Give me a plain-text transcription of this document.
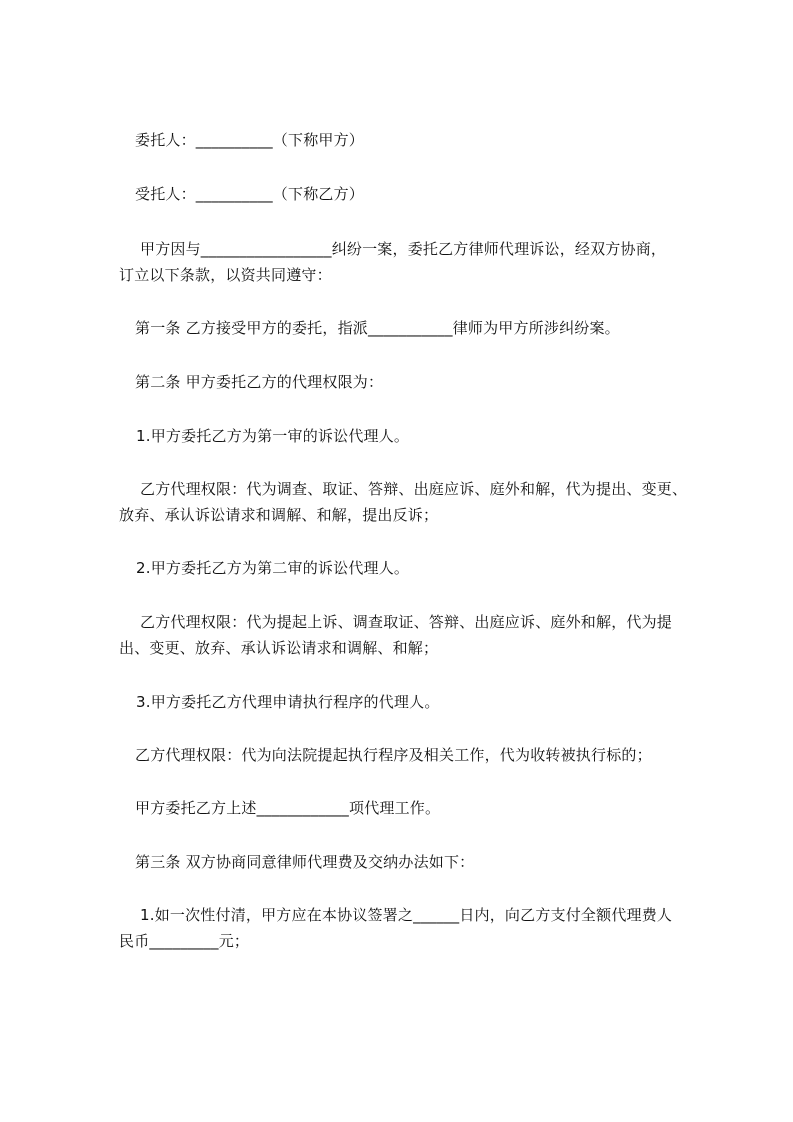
委托人：__________（下称甲方）
受托人：__________（下称乙方）
甲方因与_________________纠纷一案，委托乙方律师代理诉讼，经双方协商，
订立以下条款，以资共同遵守：
第一条 乙方接受甲方的委托，指派___________律师为甲方所涉纠纷案。
第二条 甲方委托乙方的代理权限为：
1.甲方委托乙方为第一审的诉讼代理人。
乙方代理权限：代为调查、取证、答辩、出庭应诉、庭外和解，代为提出、变更、
放弃、承认诉讼请求和调解、和解，提出反诉；
2.甲方委托乙方为第二审的诉讼代理人。
乙方代理权限：代为提起上诉、调查取证、答辩、出庭应诉、庭外和解，代为提
出、变更、放弃、承认诉讼请求和调解、和解；
3.甲方委托乙方代理申请执行程序的代理人。
乙方代理权限：代为向法院提起执行程序及相关工作，代为收转被执行标的；
甲方委托乙方上述____________项代理工作。
第三条 双方协商同意律师代理费及交纳办法如下：
1.如一次性付清，甲方应在本协议签署之______日内，向乙方支付全额代理费人
民币_________元；
